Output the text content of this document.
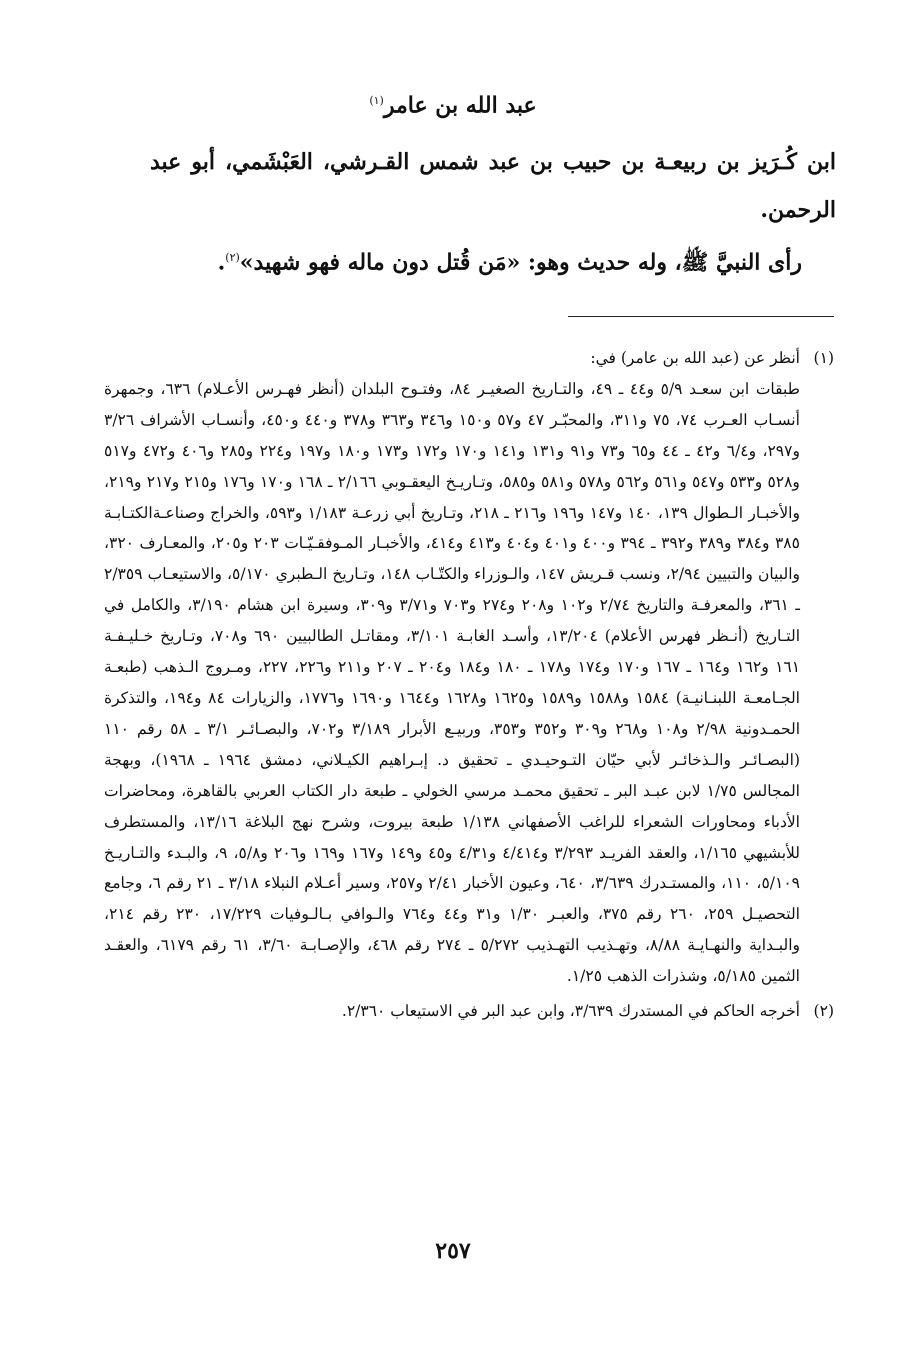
عبد الله بن عامر$^{(١)}$
ابن كُـرَيز بن ربيعـة بن حبيب بن عبد شمس القـرشي، العَبْشَمي، أبو عبد الرحمن.
رأى النبيَّ ﷺ، وله حديث وهو: «مَن قُتل دون ماله فهو شهيد»$^{(٢)}$.
(١)
أنظر عن (عبد الله بن عامر) في:
طبقات ابن سعـد ٥/٩ و٤٤ ـ ٤٩، والتـاريخ الصغيـر ٨٤، وفتـوح البلدان (أنظر فهـرس الأعـلام) ٦٣٦، وجمهرة أنسـاب العـرب ٧٤، ٧٥ و٣١١، والمحبّـر ٤٧ و٥٧ و١٥٠ و٣٤٦ و٣٦٣ و٣٧٨ و٤٤٠ و٤٥٠، وأنسـاب الأشراف ٣/٢٦ و٢٩٧، و٦/٤ و٤٢ ـ ٤٤ و٦٥ و٧٣ و٩١ و١٣١ و١٤١ و١٧٠ و١٧٢ و١٧٣ و١٨٠ و١٩٧ و٢٢٤ و٢٨٥ و٤٠٦ و٤٧٢ و٥١٧ و٥٢٨ و٥٣٣ و٥٤٧ و٥٦١ و٥٦٢ و٥٧٨ و٥٨١ و٥٨٥، وتـاريـخ اليعقـوبي ٢/١٦٦ ـ ١٦٨ و١٧٠ و١٧٦ و٢١٥ و٢١٧ و٢١٩، والأخبـار الـطوال ١٣٩، ١٤٠ و١٤٧ و١٩٦ و٢١٦ ـ ٢١٨، وتـاريخ أبي زرعـة ١/١٨٣ و٥٩٣، والخراج وصناعـةالكتـابـة ٣٨٥ و٣٨٤ و٣٨٩ و٣٩٢ ـ ٣٩٤ و٤٠٠ و٤٠١ و٤٠٤ و٤١٣ و٤١٤، والأخبـار المـوفقـيّـات ٢٠٣ و٢٠٥، والمعـارف ٣٢٠، والبيان والتبيين ٢/٩٤، ونسب قـريش ١٤٧، والـوزراء والكتّـاب ١٤٨، وتـاريخ الـطبري ٥/١٧٠، والاستيعـاب ٢/٣٥٩ ـ ٣٦١، والمعرفـة والتاريخ ٢/٧٤ و١٠٢ و٢٠٨ و٢٧٤ و٧٠٣ و٣/٧١ و٣٠٩، وسيرة ابن هشام ٣/١٩٠، والكامل في التـاريخ (أنـظر فهرس الأعلام) ١٣/٢٠٤، وأسـد الغابـة ٣/١٠١، ومقاتـل الطالبيين ٦٩٠ و٧٠٨، وتـاريخ خـليـفـة ١٦١ و١٦٢ و١٦٤ ـ ١٦٧ و١٧٠ و١٧٤ و١٧٨ ـ ١٨٠ و١٨٤ و٢٠٤ ـ ٢٠٧ و٢١١ و٢٢٦، ٢٢٧، ومـروج الـذهب (طبعـة الجـامعـة اللبنـانيـة) ١٥٨٤ و١٥٨٨ و١٥٨٩ و١٦٢٥ و١٦٢٨ و١٦٤٤ و١٦٩٠ و١٧٧٦، والزيارات ٨٤ و١٩٤، والتذكرة الحمـدونية ٢/٩٨ و١٠٨ و٢٦٨ و٣٠٩ و٣٥٢ و٣٥٣، وربيـع الأبرار ٣/١٨٩ و٧٠٢، والبصـائـر ٣/١ ـ ٥٨ رقم ١١٠ (البصـائـر والـذخائـر لأبي حيّان التـوحيـدي ـ تحقيق د. إبـراهيم الكيـلاني، دمشق ١٩٦٤ ـ ١٩٦٨)، وبهجة المجالس ١/٧٥ لابن عبـد البر ـ تحقيق محمـد مرسي الخولي ـ طبعة دار الكتاب العربي بالقاهرة، ومحاضرات الأدباء ومحاورات الشعراء للراغب الأصفهاني ١/١٣٨ طبعة بيروت، وشرح نهج البلاغة ١٣/١٦، والمستطرف للأبشيهي ١/١٦٥، والعقد الفريـد ٣/٢٩٣ و٤/٤١٤ و٤/٣١ و٤٥ و١٤٩ و١٦٧ و١٦٩ و٢٠٦ و٥/٨، ٩، والبـدء والتـاريـخ ٥/١٠٩، ١١٠، والمستـدرك ٣/٦٣٩، ٦٤٠، وعيون الأخبار ٢/٤١ و٢٥٧، وسير أعـلام النبلاء ٣/١٨ ـ ٢١ رقم ٦، وجامع التحصيـل ٢٥٩، ٢٦٠ رقم ٣٧٥، والعبـر ١/٣٠ و٣١ و٤٤ و٧٦٤ والـوافي بـالـوفيات ١٧/٢٢٩، ٢٣٠ رقم ٢١٤، والبـداية والنهـايـة ٨/٨٨، وتهـذيب التهـذيب ٥/٢٧٢ ـ ٢٧٤ رقم ٤٦٨، والإصـابـة ٣/٦٠، ٦١ رقم ٦١٧٩، والعقـد الثمين ٥/١٨٥، وشذرات الذهب ١/٢٥.
(٢)
أخرجه الحاكم في المستدرك ٣/٦٣٩، وابن عبد البر في الاستيعاب ٢/٣٦٠.
٢٥٧
